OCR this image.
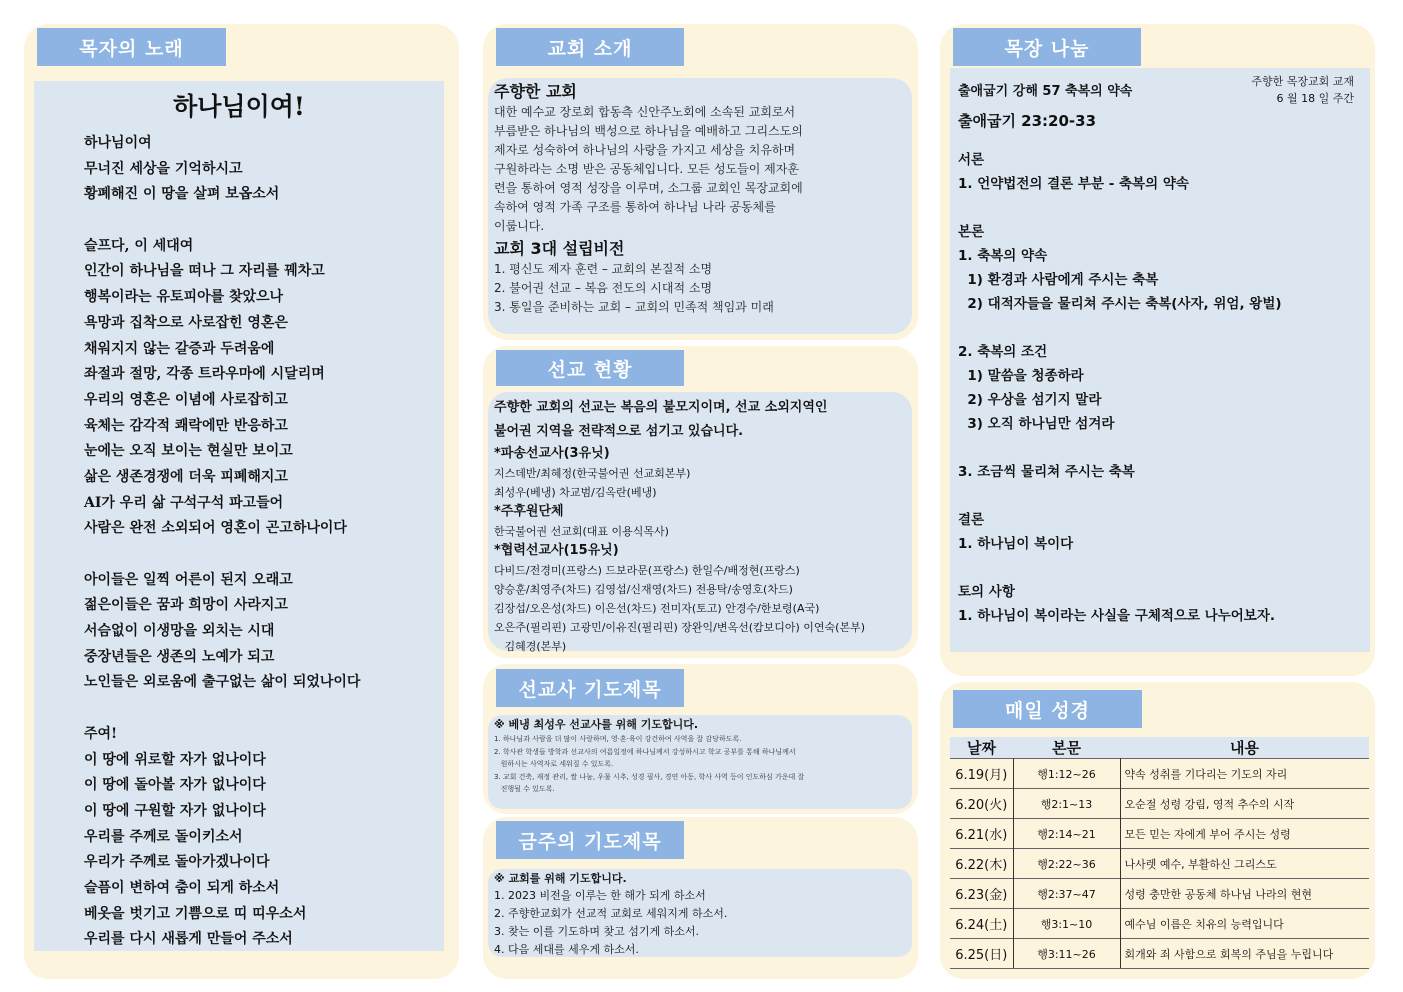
목자의 노래
하나님이여!
하나님이여
무너진 세상을 기억하시고
황폐해진 이 땅을 살펴 보옵소서
슬프다, 이 세대여
인간이 하나님을 떠나 그 자리를 꿰차고
행복이라는 유토피아를 찾았으나
욕망과 집착으로 사로잡힌 영혼은
채워지지 않는 갈증과 두려움에
좌절과 절망, 각종 트라우마에 시달리며
우리의 영혼은 이념에 사로잡히고
육체는 감각적 쾌락에만 반응하고
눈에는 오직 보이는 현실만 보이고
삶은 생존경쟁에 더욱 피폐해지고
AI가 우리 삶 구석구석 파고들어
사람은 완전 소외되어 영혼이 곤고하나이다
아이들은 일찍 어른이 된지 오래고
젊은이들은 꿈과 희망이 사라지고
서슴없이 이생망을 외치는 시대
중장년들은 생존의 노예가 되고
노인들은 외로움에 출구없는 삶이 되었나이다
주여!
이 땅에 위로할 자가 없나이다
이 땅에 돌아볼 자가 없나이다
이 땅에 구원할 자가 없나이다
우리를 주께로 돌이키소서
우리가 주께로 돌아가겠나이다
슬픔이 변하여 춤이 되게 하소서
베옷을 벗기고 기쁨으로 띠 띠우소서
우리를 다시 새롭게 만들어 주소서
교회 소개
주향한 교회
대한 예수교 장로회 합동측 신안주노회에 소속된 교회로서
부름받은 하나님의 백성으로 하나님을 예배하고 그리스도의
제자로 성숙하여 하나님의 사랑을 가지고 세상을 치유하며
구원하라는 소명 받은 공동체입니다. 모든 성도들이 제자훈
련을 통하여 영적 성장을 이루며, 소그룹 교회인 목장교회에
속하여 영적 가족 구조를 통하여 하나님 나라 공동체를
이룹니다.
교회 3대 설립비전
1. 평신도 제자 훈련 – 교회의 본질적 소명
2. 불어권 선교 – 복음 전도의 시대적 소명
3. 통일을 준비하는 교회 – 교회의 민족적 책임과 미래
선교 현황
주향한 교회의 선교는 복음의 불모지이며, 선교 소외지역인
불어권 지역을 전략적으로 섬기고 있습니다.
*파송선교사(3유닛)
지스데반/최혜정(한국불어권 선교회본부)
최성우(베냉) 차교범/김옥란(베냉)
*주후원단체
한국불어권 선교회(대표 이용식목사)
*협력선교사(15유닛)
다비드/전경미(프랑스) 드보라문(프랑스) 한일수/배정현(프랑스)
양승훈/최영주(차드) 김영섭/신재영(차드) 전용탁/송영호(차드)
김장섭/오은성(차드) 이은선(차드) 전미자(토고) 안경수/한보령(A국)
오은주(필리핀) 고광민/이유진(필리핀) 장완익/변옥선(캄보디아) 이연숙(본부)
김혜경(본부)
선교사 기도제목
※ 베냉 최성우 선교사를 위해 기도합니다.
1. 하나님과 사람을 더 많이 사랑하며, 영·혼·육이 강건하여 사역을 잘 감당하도록.
2. 학사관 학생들 방학과 선교사의 여름일정에 하나님께서 강성하시고 학교 공부를 통해 하나님께서
원하시는 사역자로 세워질 수 있도록.
3. 교회 건축, 재정 관리, 쌀 나눔, 우물 시추, 성경 필사, 경연 아동, 학사 사역 등이 인도하심 가운데 잘
진행될 수 있도록.
금주의 기도제목
※ 교회를 위해 기도합니다.
1. 2023 비전을 이루는 한 해가 되게 하소서
2. 주향한교회가 선교적 교회로 세워지게 하소서.
3. 찾는 이를 기도하며 찾고 섬기게 하소서.
4. 다음 세대를 세우게 하소서.
목장 나눔
주향한 목장교회 교재
6 월 18 일 주간
출애굽기 강해 57 축복의 약속
출애굽기 23:20-33
서론
1. 언약법전의 결론 부분 - 축복의 약속
본론
1. 축복의 약속
1) 환경과 사람에게 주시는 축복
2) 대적자들을 물리쳐 주시는 축복(사자, 위엄, 왕벌)
2. 축복의 조건
1) 말씀을 청종하라
2) 우상을 섬기지 말라
3) 오직 하나님만 섬겨라
3. 조금씩 물리쳐 주시는 축복
결론
1. 하나님이 복이다
토의 사항
1. 하나님이 복이라는 사실을 구체적으로 나누어보자.
매일 성경
날짜	본문	내용
6.19(月)	행1:12~26	약속 성취를 기다리는 기도의 자리
6.20(火)	행2:1~13	오순절 성령 강림, 영적 추수의 시작
6.21(水)	행2:14~21	모든 믿는 자에게 부어 주시는 성령
6.22(木)	행2:22~36	나사렛 예수, 부활하신 그리스도
6.23(金)	행2:37~47	성령 충만한 공동체 하나님 나라의 현현
6.24(土)	행3:1~10	예수님 이름은 치유의 능력입니다
6.25(日)	행3:11~26	회개와 죄 사함으로 회복의 주님을 누립니다
